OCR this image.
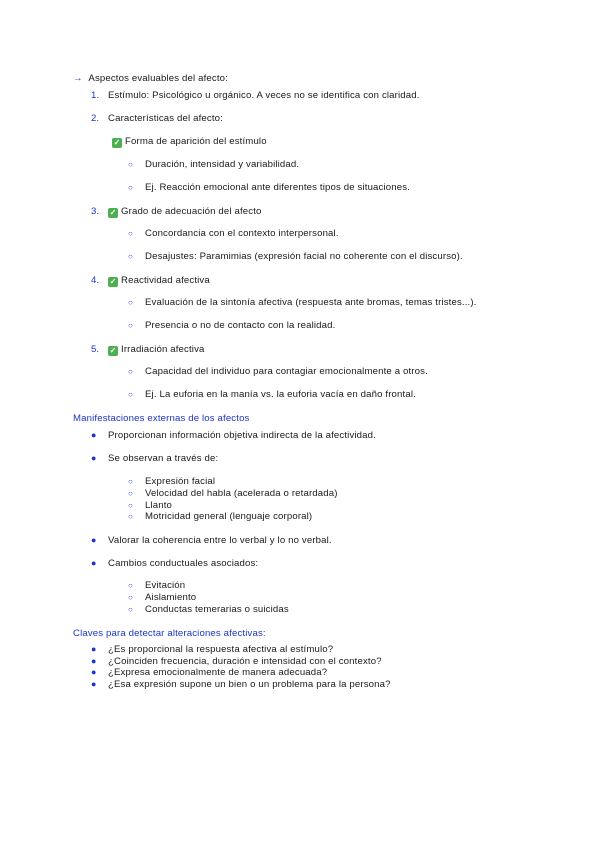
→ Aspectos evaluables del afecto:
1. Estímulo: Psicológico u orgánico. A veces no se identifica con claridad.
2. Características del afecto:
✓ Forma de aparición del estímulo
○ Duración, intensidad y variabilidad.
○ Ej. Reacción emocional ante diferentes tipos de situaciones.
3. ✓ Grado de adecuación del afecto
○ Concordancia con el contexto interpersonal.
○ Desajustes: Paramimias (expresión facial no coherente con el discurso).
4. ✓ Reactividad afectiva
○ Evaluación de la sintonía afectiva (respuesta ante bromas, temas tristes...).
○ Presencia o no de contacto con la realidad.
5. ✓ Irradiación afectiva
○ Capacidad del individuo para contagiar emocionalmente a otros.
○ Ej. La euforia en la manía vs. la euforia vacía en daño frontal.
Manifestaciones externas de los afectos
● Proporcionan información objetiva indirecta de la afectividad.
● Se observan a través de:
○ Expresión facial
○ Velocidad del habla (acelerada o retardada)
○ Llanto
○ Motricidad general (lenguaje corporal)
● Valorar la coherencia entre lo verbal y lo no verbal.
● Cambios conductuales asociados:
○ Evitación
○ Aislamiento
○ Conductas temerarias o suicidas
Claves para detectar alteraciones afectivas:
● ¿Es proporcional la respuesta afectiva al estímulo?
● ¿Coinciden frecuencia, duración e intensidad con el contexto?
● ¿Expresa emocionalmente de manera adecuada?
● ¿Esa expresión supone un bien o un problema para la persona?
